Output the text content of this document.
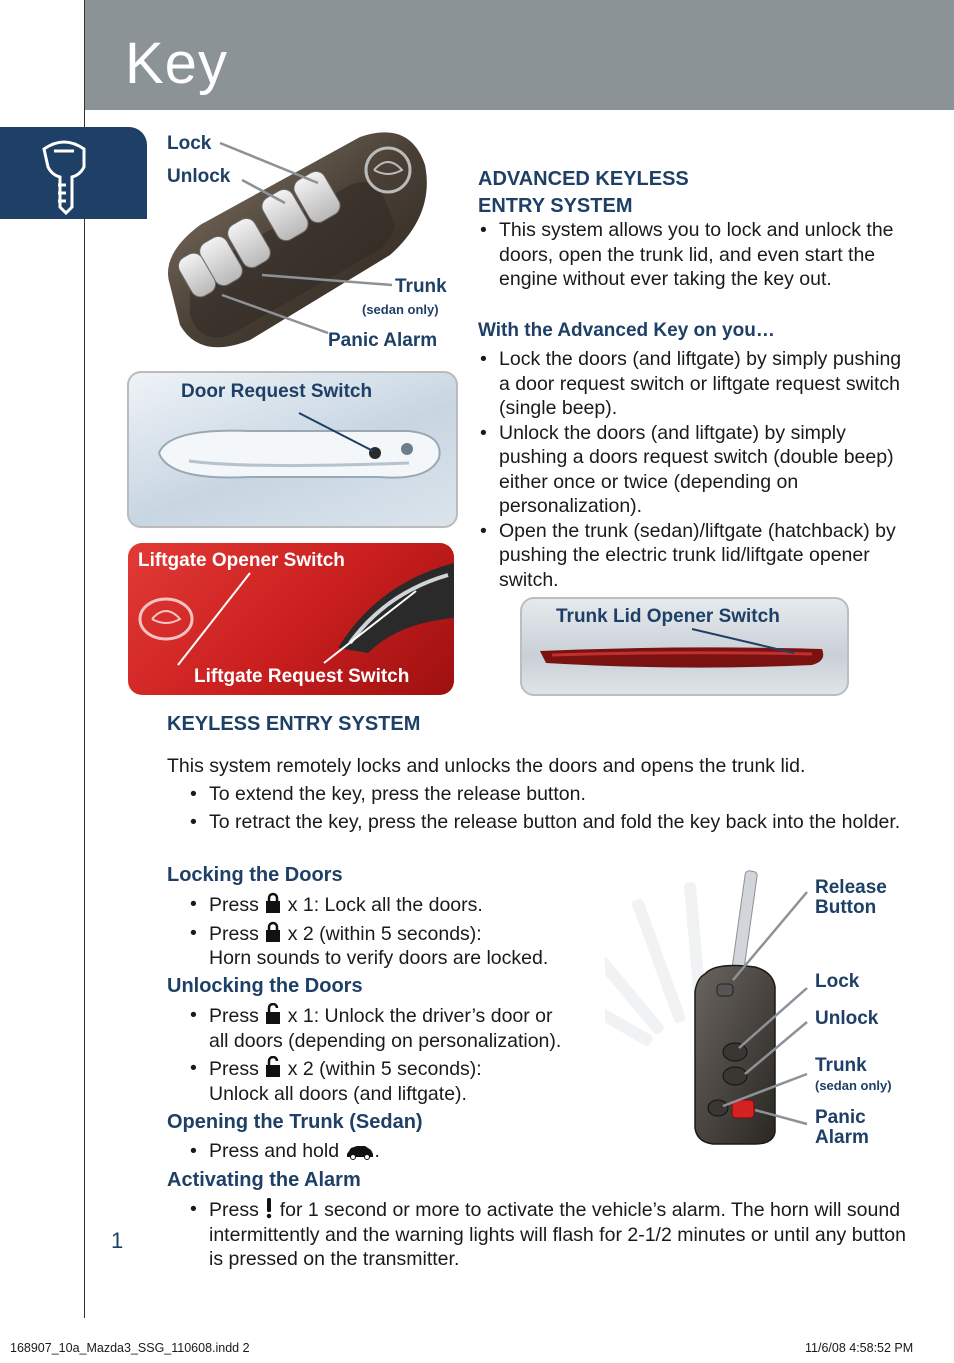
Key
Lock
Unlock
Trunk
(sedan only)
Panic Alarm
Door Request Switch
Liftgate Opener Switch
Liftgate Request Switch
ADVANCED KEYLESS
ENTRY SYSTEM
• This system allows you to lock and unlock the doors, open the trunk lid, and even start the engine without ever taking the key out.
With the Advanced Key on you…
• Lock the doors (and liftgate) by simply pushing a door request switch or liftgate request switch (single beep).
• Unlock the doors (and liftgate) by simply pushing a doors request switch (double beep) either once or twice (depending on personalization).
• Open the trunk (sedan)/liftgate (hatchback) by pushing the electric trunk lid/liftgate opener switch.
Trunk Lid Opener Switch
KEYLESS ENTRY SYSTEM
This system remotely locks and unlocks the doors and opens the trunk lid.
• To extend the key, press the release button.
• To retract the key, press the release button and fold the key back into the holder.
Locking the Doors
• Press x 1: Lock all the doors.
• Press x 2 (within 5 seconds):
Horn sounds to verify doors are locked.
Unlocking the Doors
• Press x 1: Unlock the driver’s door or
all doors (depending on personalization).
• Press x 2 (within 5 seconds):
Unlock all doors (and liftgate).
Opening the Trunk (Sedan)
• Press and hold .
Activating the Alarm
• Press for 1 second or more to activate the vehicle’s alarm. The horn will sound intermittently and the warning lights will flash for 2-1/2 minutes or until any button is pressed on the transmitter.
Release
Button
Lock
Unlock
Trunk
(sedan only)
Panic
Alarm
1
168907_10a_Mazda3_SSG_110608.indd 2	11/6/08 4:58:52 PM
